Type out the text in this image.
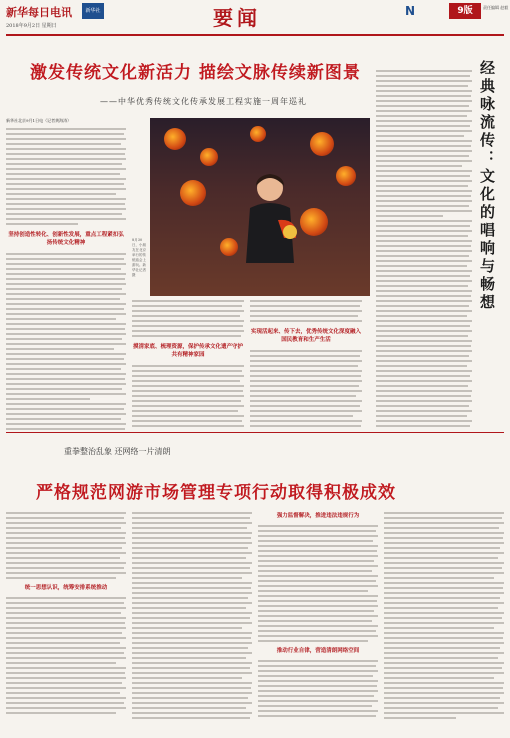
新华每日电讯
2018年9月2日 星期日
新华社	要闻	N	9版	责任编辑 赵毅
激发传统文化新活力 描绘文脉传续新图景
——中华优秀传统文化传承发展工程实施一周年巡礼
新华社北京9月1日电（记者黄海涛）
坚持创造性转化、创新性发展，重点工程紧扣弘扬传统文化精神	8月30日，小朋友在北京举行的传统庙会上游玩。新华社记者 摄
摸清家底、梳理资源，保护传承文化遗产守护共有精神家园
实现活起来、传下去，优秀传统文化深度融入国民教育和生产生活
经典咏流传：文化的唱响与畅想
重拳整治乱象 还网络一片清朗
严格规范网游市场管理专项行动取得积极成效
统一思想认识，统筹安排系统推动
强力监督解决，推进违法违规行为
推动行业自律，营造清朗网络空间
